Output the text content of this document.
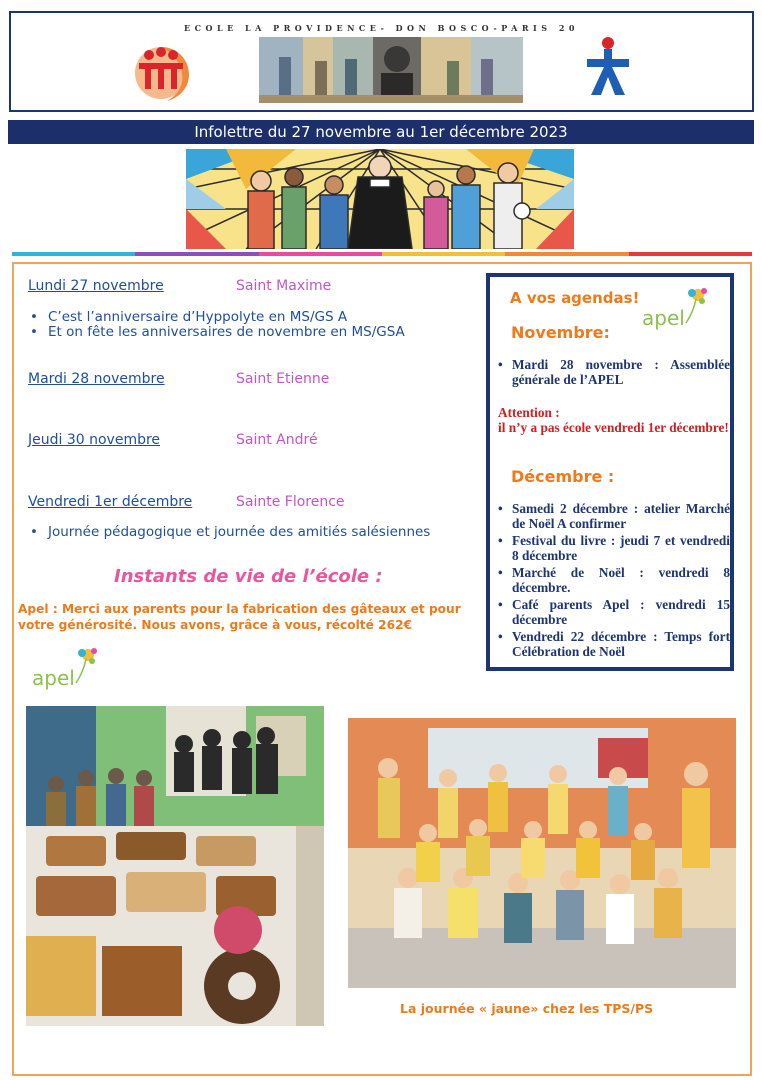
ECOLE LA PROVIDENCE- DON BOSCO-PARIS 20
Infolettre du 27 novembre au 1er décembre 2023
Lundi 27 novembre	Saint Maxime
• C’est l’anniversaire d’Hyppolyte en MS/GS A
• Et on fête les anniversaires de novembre en MS/GSA
Mardi 28 novembre	Saint Etienne
Jeudi 30 novembre	Saint André
Vendredi 1er décembre	Sainte Florence
• Journée pédagogique et journée des amitiés salésiennes
Instants de vie de l’école :
Apel : Merci aux parents pour la fabrication des gâteaux et pour votre générosité. Nous avons, grâce à vous, récolté 262€
apel
A vos agendas!
apel
Novembre:
• Mardi 28 novembre : Assemblée générale de l’APEL
Attention :
il n’y a pas école vendredi 1er décembre!
Décembre :
• Samedi 2 décembre : atelier Marché de Noël A confirmer
• Festival du livre : jeudi 7 et vendredi 8 décembre
• Marché de Noël : vendredi 8 décembre.
• Café parents Apel : vendredi 15 décembre
• Vendredi 22 décembre : Temps fort Célébration de Noël
La journée « jaune» chez les TPS/PS
